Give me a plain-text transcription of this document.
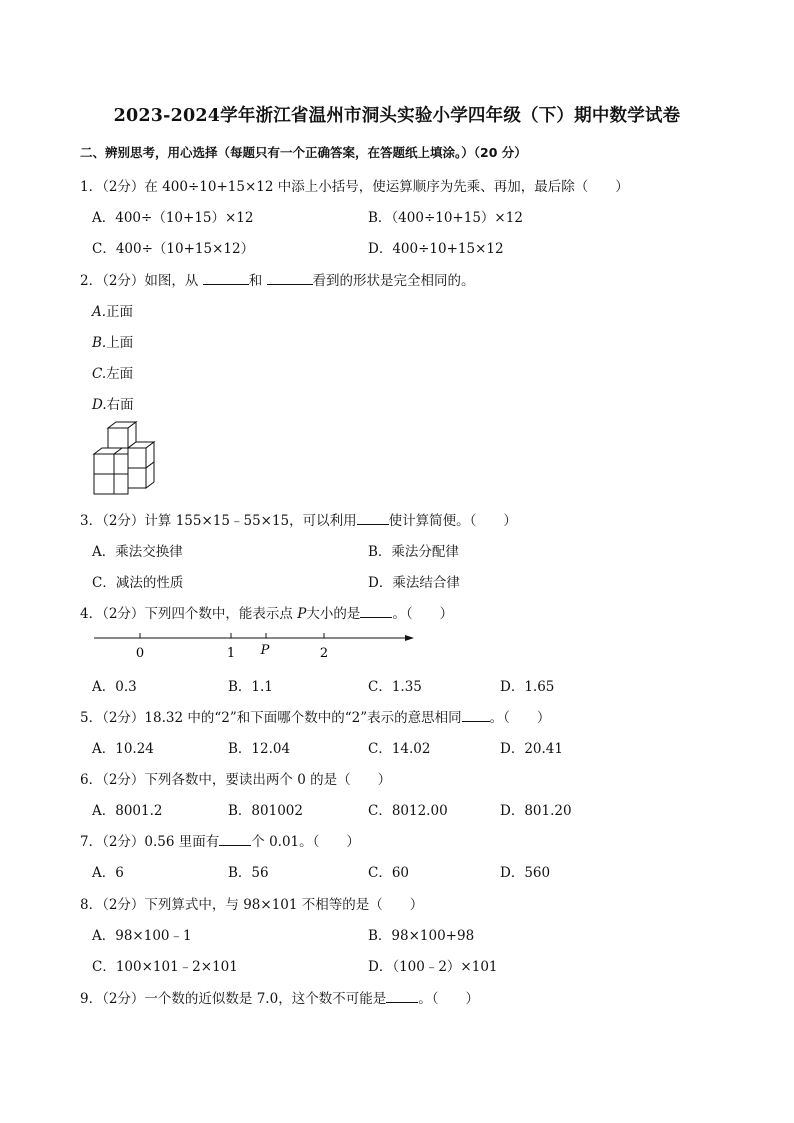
2023-2024学年浙江省温州市洞头实验小学四年级（下）期中数学试卷
二、辨别思考，用心选择（每题只有一个正确答案，在答题纸上填涂。）（20 分）
1．（2分）在 400÷10+15×12 中添上小括号，使运算顺序为先乘、再加，最后除（　　）
A．400÷（10+15）×12	B．（400÷10+15）×12
C．400÷（10+15×12）	D．400÷10+15×12
2．（2分）如图，从	和	看到的形状是完全相同的。
A.正面
B.上面
C.左面
D.右面
3．（2分）计算 155×15﹣55×15，可以利用 使计算简便。（　　）
A．乘法交换律	B．乘法分配律
C．减法的性质	D．乘法结合律
4．（2分）下列四个数中，能表示点 P大小的是 。（　　）
0	1 P	2
A．0.3	B．1.1	C．1.35	D．1.65
5．（2分）18.32 中的“2”和下面哪个数中的“2”表示的意思相同 。（　　）
A．10.24	B．12.04	C．14.02	D．20.41
6．（2分）下列各数中，要读出两个 0 的是（　　）
A．8001.2	B．801002	C．8012.00	D．801.20
7．（2分）0.56 里面有 个 0.01。（　　）
A．6	B．56	C．60	D．560
8．（2分）下列算式中，与 98×101 不相等的是（　　）
A．98×100﹣1	B．98×100+98
C．100×101﹣2×101	D．（100﹣2）×101
9．（2分）一个数的近似数是 7.0，这个数不可能是 。（　　）
